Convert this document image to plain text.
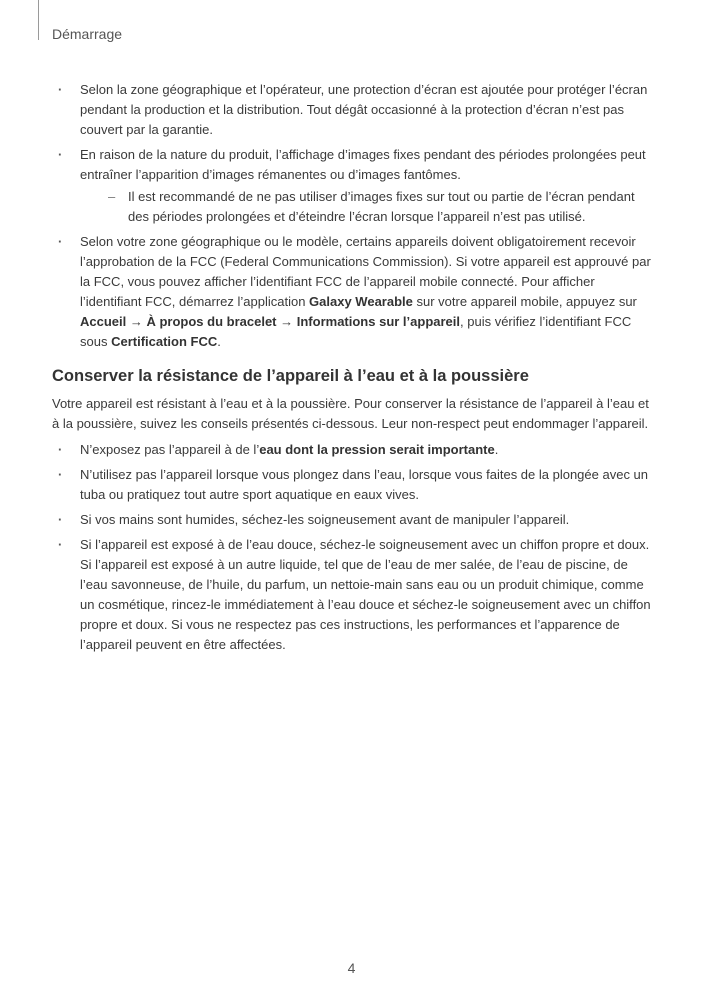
Démarrage
· Selon la zone géographique et l’opérateur, une protection d’écran est ajoutée pour protéger l’écran pendant la production et la distribution. Tout dégât occasionné à la protection d’écran n’est pas couvert par la garantie.
· En raison de la nature du produit, l’affichage d’images fixes pendant des périodes prolongées peut entraîner l’apparition d’images rémanentes ou d’images fantômes.
– Il est recommandé de ne pas utiliser d’images fixes sur tout ou partie de l’écran pendant des périodes prolongées et d’éteindre l’écran lorsque l’appareil n’est pas utilisé.
· Selon votre zone géographique ou le modèle, certains appareils doivent obligatoirement recevoir l’approbation de la FCC (Federal Communications Commission). Si votre appareil est approuvé par la FCC, vous pouvez afficher l’identifiant FCC de l’appareil mobile connecté. Pour afficher l’identifiant FCC, démarrez l’application Galaxy Wearable sur votre appareil mobile, appuyez sur Accueil → À propos du bracelet → Informations sur l’appareil, puis vérifiez l’identifiant FCC sous Certification FCC.
Conserver la résistance de l’appareil à l’eau et à la poussière

Votre appareil est résistant à l’eau et à la poussière. Pour conserver la résistance de l’appareil à l’eau et à la poussière, suivez les conseils présentés ci-dessous. Leur non-respect peut endommager l’appareil.

· N’exposez pas l’appareil à de l’eau dont la pression serait importante.
· N’utilisez pas l’appareil lorsque vous plongez dans l’eau, lorsque vous faites de la plongée avec un tuba ou pratiquez tout autre sport aquatique en eaux vives.
· Si vos mains sont humides, séchez-les soigneusement avant de manipuler l’appareil.
· Si l’appareil est exposé à de l’eau douce, séchez-le soigneusement avec un chiffon propre et doux. Si l’appareil est exposé à un autre liquide, tel que de l’eau de mer salée, de l’eau de piscine, de l’eau savonneuse, de l’huile, du parfum, un nettoie-main sans eau ou un produit chimique, comme un cosmétique, rincez-le immédiatement à l’eau douce et séchez-le soigneusement avec un chiffon propre et doux. Si vous ne respectez pas ces instructions, les performances et l’apparence de l’appareil peuvent en être affectées.
4
